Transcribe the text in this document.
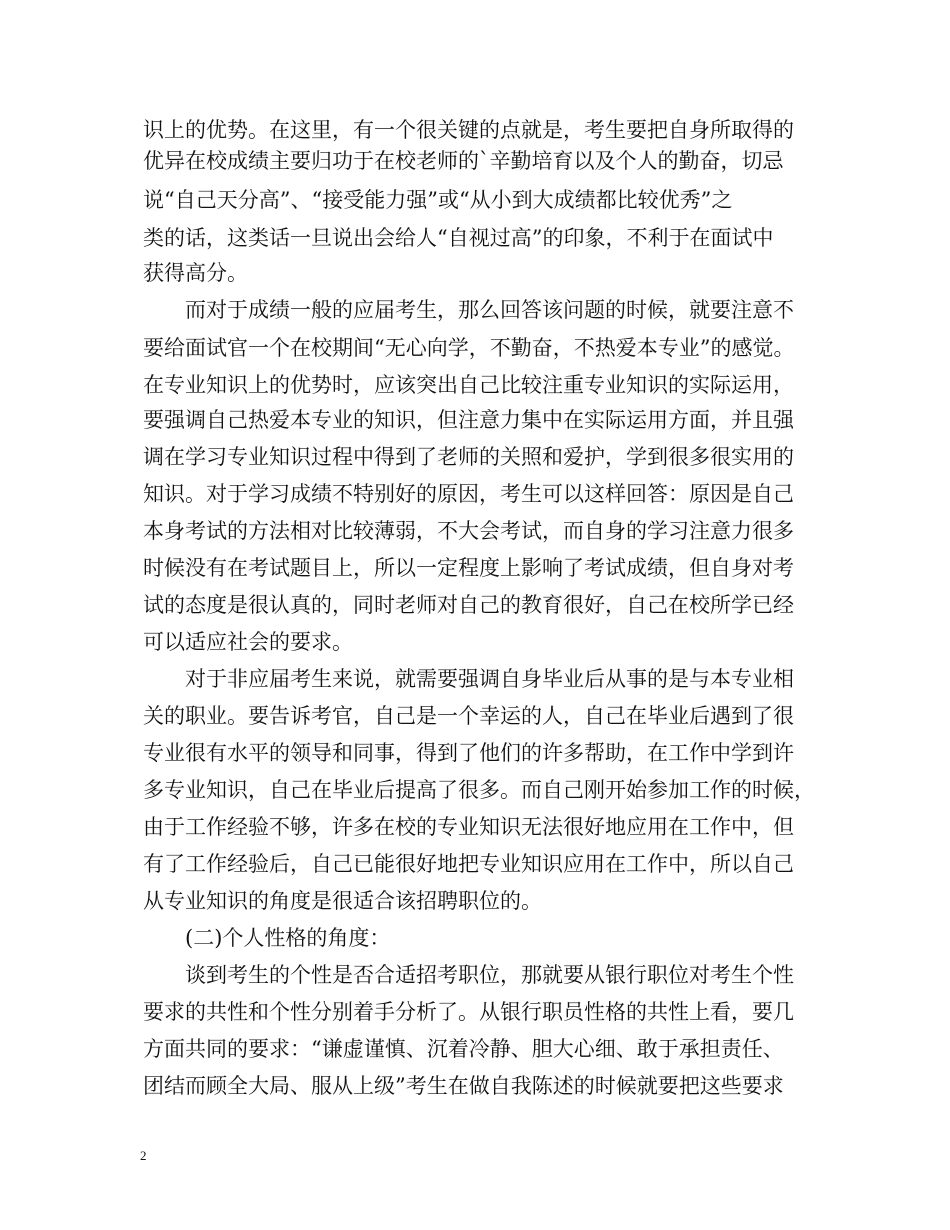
识上的优势。在这里，有一个很关键的点就是，考生要把自身所取得的
优异在校成绩主要归功于在校老师的`辛勤培育以及个人的勤奋，切忌
说“自己天分高”、“接受能力强”或“从小到大成绩都比较优秀”之
类的话，这类话一旦说出会给人“自视过高”的印象，不利于在面试中
获得高分。
而对于成绩一般的应届考生，那么回答该问题的时候，就要注意不
要给面试官一个在校期间“无心向学，不勤奋，不热爱本专业”的感觉。
在专业知识上的优势时，应该突出自己比较注重专业知识的实际运用，
要强调自己热爱本专业的知识，但注意力集中在实际运用方面，并且强
调在学习专业知识过程中得到了老师的关照和爱护，学到很多很实用的
知识。对于学习成绩不特别好的原因，考生可以这样回答：原因是自己
本身考试的方法相对比较薄弱，不大会考试，而自身的学习注意力很多
时候没有在考试题目上，所以一定程度上影响了考试成绩，但自身对考
试的态度是很认真的，同时老师对自己的教育很好，自己在校所学已经
可以适应社会的要求。
对于非应届考生来说，就需要强调自身毕业后从事的是与本专业相
关的职业。要告诉考官，自己是一个幸运的人，自己在毕业后遇到了很
专业很有水平的领导和同事，得到了他们的许多帮助，在工作中学到许
多专业知识，自己在毕业后提高了很多。而自己刚开始参加工作的时候，
由于工作经验不够，许多在校的专业知识无法很好地应用在工作中，但
有了工作经验后，自己已能很好地把专业知识应用在工作中，所以自己
从专业知识的角度是很适合该招聘职位的。
(二)个人性格的角度：
谈到考生的个性是否合适招考职位，那就要从银行职位对考生个性
要求的共性和个性分别着手分析了。从银行职员性格的共性上看，要几
方面共同的要求：“谦虚谨慎、沉着冷静、胆大心细、敢于承担责任、
团结而顾全大局、服从上级”考生在做自我陈述的时候就要把这些要求
2
